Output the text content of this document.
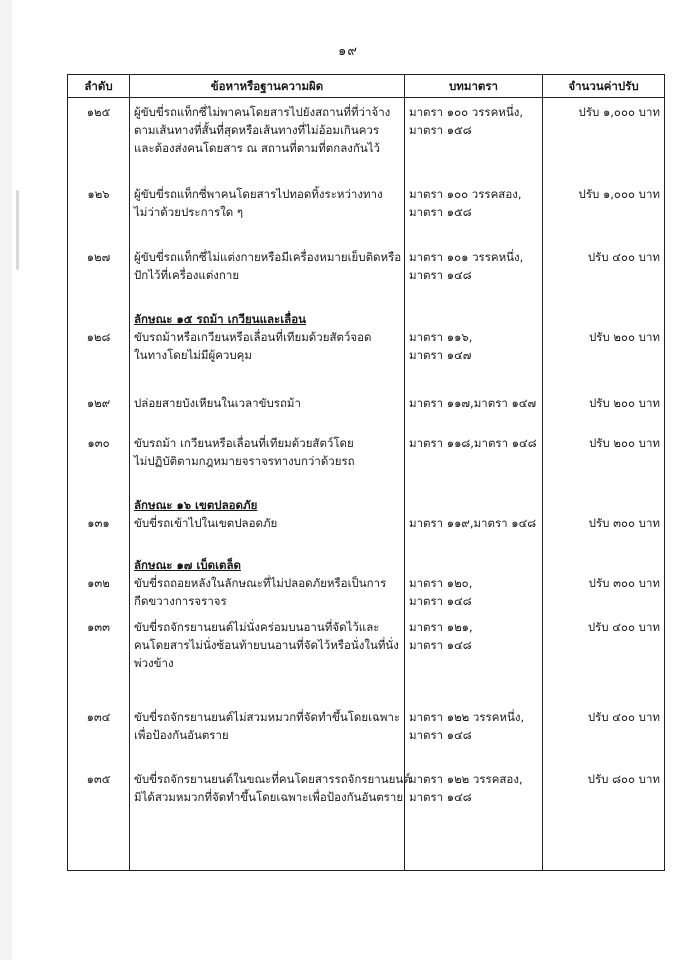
๑๙
ลำดับ	ข้อหาหรือฐานความผิด	บทมาตรา	จำนวนค่าปรับ

๑๒๕	ผู้ขับขี่รถแท็กซี่ไม่พาคนโดยสารไปยังสถานที่ที่ว่าจ้าง
ตามเส้นทางที่สั้นที่สุดหรือเส้นทางที่ไม่อ้อมเกินควร
และต้องส่งคนโดยสาร ณ สถานที่ตามที่ตกลงกันไว้	มาตรา ๑๐๐ วรรคหนึ่ง,
มาตรา ๑๕๘	ปรับ ๑,๐๐๐ บาท

๑๒๖	ผู้ขับขี่รถแท็กซี่พาคนโดยสารไปทอดทิ้งระหว่างทาง
ไม่ว่าด้วยประการใด ๆ	มาตรา ๑๐๐ วรรคสอง,
มาตรา ๑๕๘	ปรับ ๑,๐๐๐ บาท

๑๒๗	ผู้ขับขี่รถแท็กซี่ไม่แต่งกายหรือมีเครื่องหมายเย็บติดหรือ
ปักไว้ที่เครื่องแต่งกาย	มาตรา ๑๐๑ วรรคหนึ่ง,
มาตรา ๑๔๘	ปรับ ๔๐๐ บาท

๑๒๘	ลักษณะ ๑๕ รถม้า เกวียนและเลื่อน
ขับรถม้าหรือเกวียนหรือเลื่อนที่เทียมด้วยสัตว์จอด
ในทางโดยไม่มีผู้ควบคุม	มาตรา ๑๑๖,
มาตรา ๑๔๗	ปรับ ๒๐๐ บาท

๑๒๙	ปล่อยสายบังเหียนในเวลาขับรถม้า	มาตรา ๑๑๗,มาตรา ๑๔๗	ปรับ ๒๐๐ บาท

๑๓๐	ขับรถม้า เกวียนหรือเลื่อนที่เทียมด้วยสัตว์โดย
ไม่ปฏิบัติตามกฎหมายจราจรทางบกว่าด้วยรถ	มาตรา ๑๑๘,มาตรา ๑๔๘	ปรับ ๒๐๐ บาท

๑๓๑	ลักษณะ ๑๖ เขตปลอดภัย
ขับขี่รถเข้าไปในเขตปลอดภัย	มาตรา ๑๑๙,มาตรา ๑๔๘	ปรับ ๓๐๐ บาท

๑๓๒	ลักษณะ ๑๗ เบ็ดเตล็ด
ขับขี่รถถอยหลังในลักษณะที่ไม่ปลอดภัยหรือเป็นการ
กีดขวางการจราจร	มาตรา ๑๒๐,
มาตรา ๑๔๘	ปรับ ๓๐๐ บาท

๑๓๓	ขับขี่รถจักรยานยนต์ไม่นั่งคร่อมบนอานที่จัดไว้และ
คนโดยสารไม่นั่งซ้อนท้ายบนอานที่จัดไว้หรือนั่งในที่นั่ง
พ่วงข้าง	มาตรา ๑๒๑,
มาตรา ๑๔๘	ปรับ ๔๐๐ บาท

๑๓๔	ขับขี่รถจักรยานยนต์ไม่สวมหมวกที่จัดทำขึ้นโดยเฉพาะ
เพื่อป้องกันอันตราย	มาตรา ๑๒๒ วรรคหนึ่ง,
มาตรา ๑๔๘	ปรับ ๔๐๐ บาท

๑๓๕	ขับขี่รถจักรยานยนต์ในขณะที่คนโดยสารรถจักรยานยนต์
มิได้สวมหมวกที่จัดทำขึ้นโดยเฉพาะเพื่อป้องกันอันตราย	มาตรา ๑๒๒ วรรคสอง,
มาตรา ๑๔๘	ปรับ ๘๐๐ บาท
